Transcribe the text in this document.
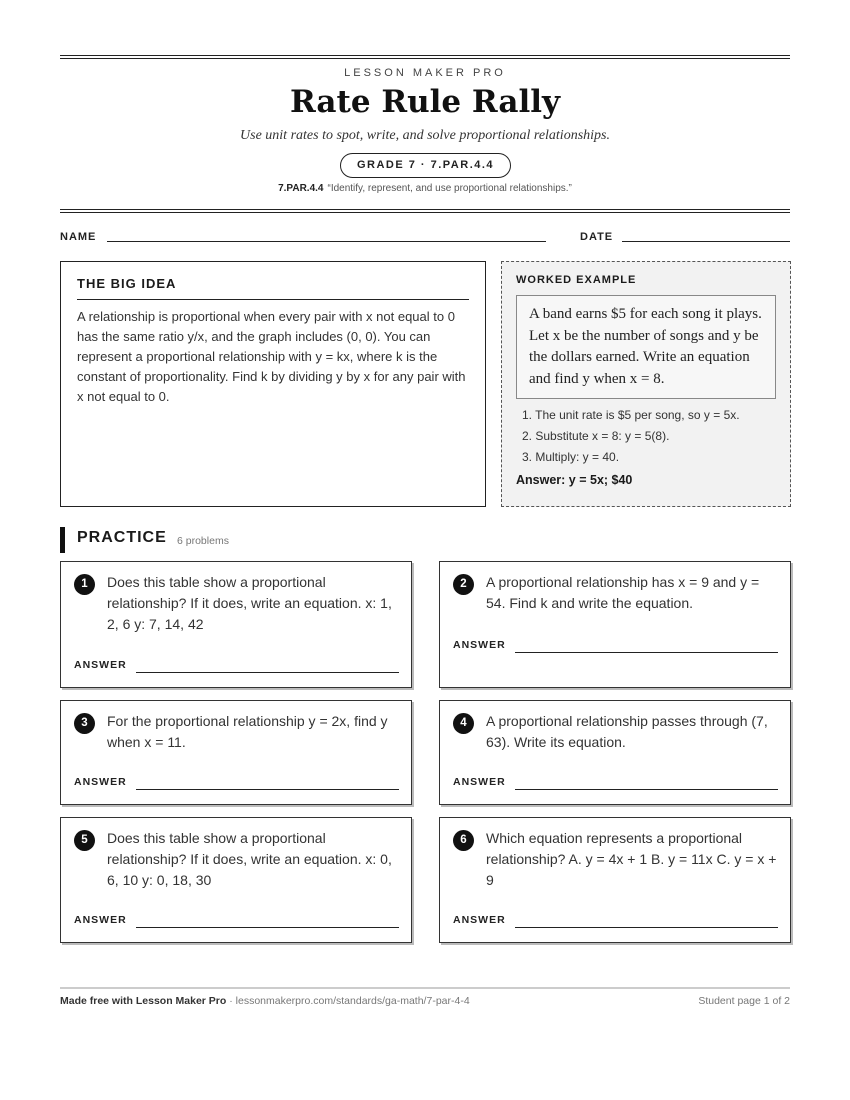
LESSON MAKER PRO
Rate Rule Rally
Use unit rates to spot, write, and solve proportional relationships.
GRADE 7 · 7.PAR.4.4
7.PAR.4.4 “Identify, represent, and use proportional relationships.”
NAME	DATE
THE BIG IDEA

A relationship is proportional when every pair with x not equal to 0 has the same ratio y/x, and the graph includes (0, 0). You can represent a proportional relationship with y = kx, where k is the constant of proportionality. Find k by dividing y by x for any pair with x not equal to 0.

WORKED EXAMPLE
A band earns $5 for each song it plays. Let x be the number of songs and y be the dollars earned. Write an equation and find y when x = 8.
1. The unit rate is $5 per song, so y = 5x.
2. Substitute x = 8: y = 5(8).
3. Multiply: y = 40.
Answer: y = 5x; $40
PRACTICE 6 problems
1	Does this table show a proportional relationship? If it does, write an equation. x: 1, 2, 6 y: 7, 14, 42
ANSWER
2	A proportional relationship has x = 9 and y = 54. Find k and write the equation.
ANSWER
3	For the proportional relationship y = 2x, find y when x = 11.
ANSWER
4	A proportional relationship passes through (7, 63). Write its equation.
ANSWER
5	Does this table show a proportional relationship? If it does, write an equation. x: 0, 6, 10 y: 0, 18, 30
ANSWER
6	Which equation represents a proportional relationship? A. y = 4x + 1 B. y = 11x C. y = x + 9
ANSWER
Made free with Lesson Maker Pro · lessonmakerpro.com/standards/ga-math/7-par-4-4	Student page 1 of 2
